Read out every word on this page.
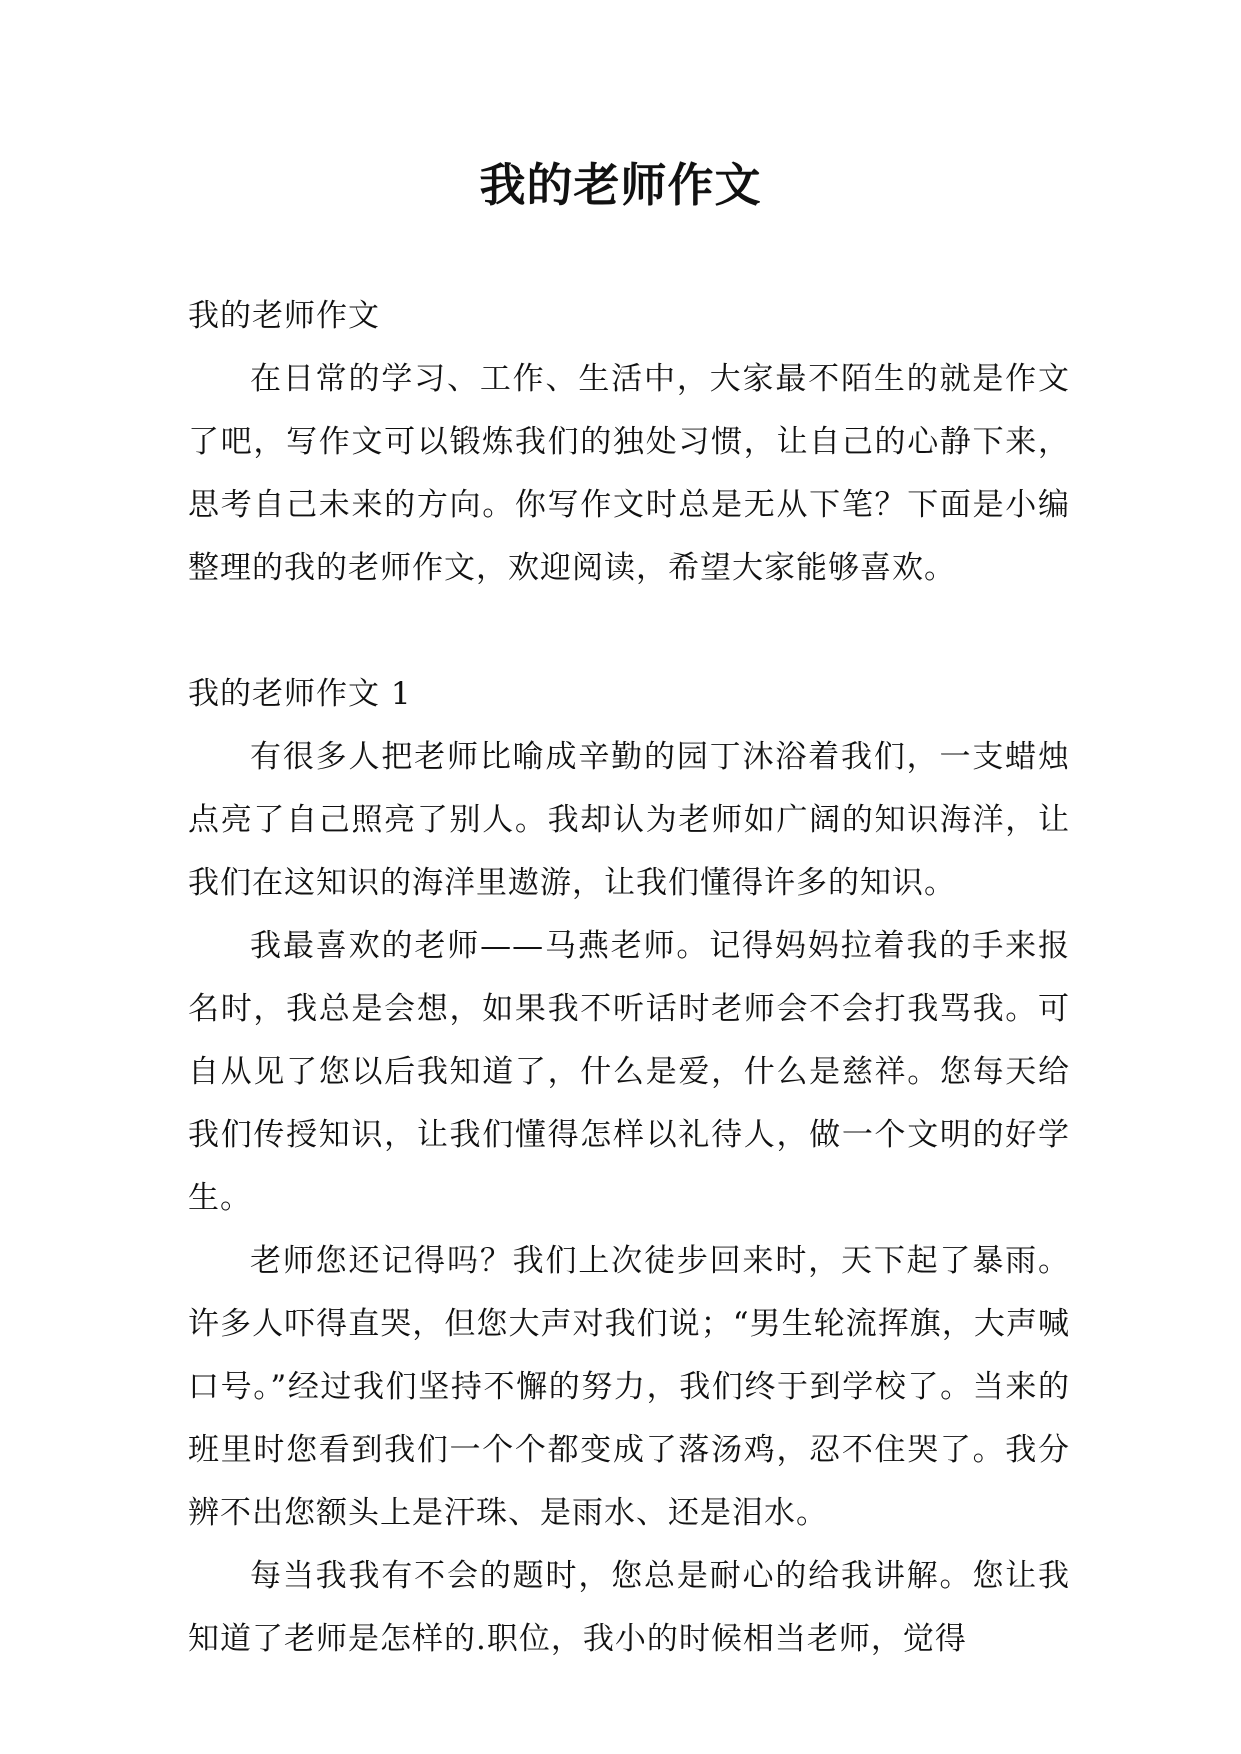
我的老师作文

我的老师作文

在日常的学习、工作、生活中，大家最不陌生的就是作文了吧，写作文可以锻炼我们的独处习惯，让自己的心静下来，思考自己未来的方向。你写作文时总是无从下笔？下面是小编整理的我的老师作文，欢迎阅读，希望大家能够喜欢。

我的老师作文 1

有很多人把老师比喻成辛勤的园丁沐浴着我们，一支蜡烛点亮了自己照亮了别人。我却认为老师如广阔的知识海洋，让我们在这知识的海洋里遨游，让我们懂得许多的知识。

我最喜欢的老师——马燕老师。记得妈妈拉着我的手来报名时，我总是会想，如果我不听话时老师会不会打我骂我。可自从见了您以后我知道了，什么是爱，什么是慈祥。您每天给我们传授知识，让我们懂得怎样以礼待人，做一个文明的好学生。

老师您还记得吗？我们上次徒步回来时，天下起了暴雨。许多人吓得直哭，但您大声对我们说；“男生轮流挥旗，大声喊口号。”经过我们坚持不懈的努力，我们终于到学校了。当来的班里时您看到我们一个个都变成了落汤鸡，忍不住哭了。我分辨不出您额头上是汗珠、是雨水、还是泪水。

每当我我有不会的题时，您总是耐心的给我讲解。您让我知道了老师是怎样的.职位，我小的时候相当老师，觉得
